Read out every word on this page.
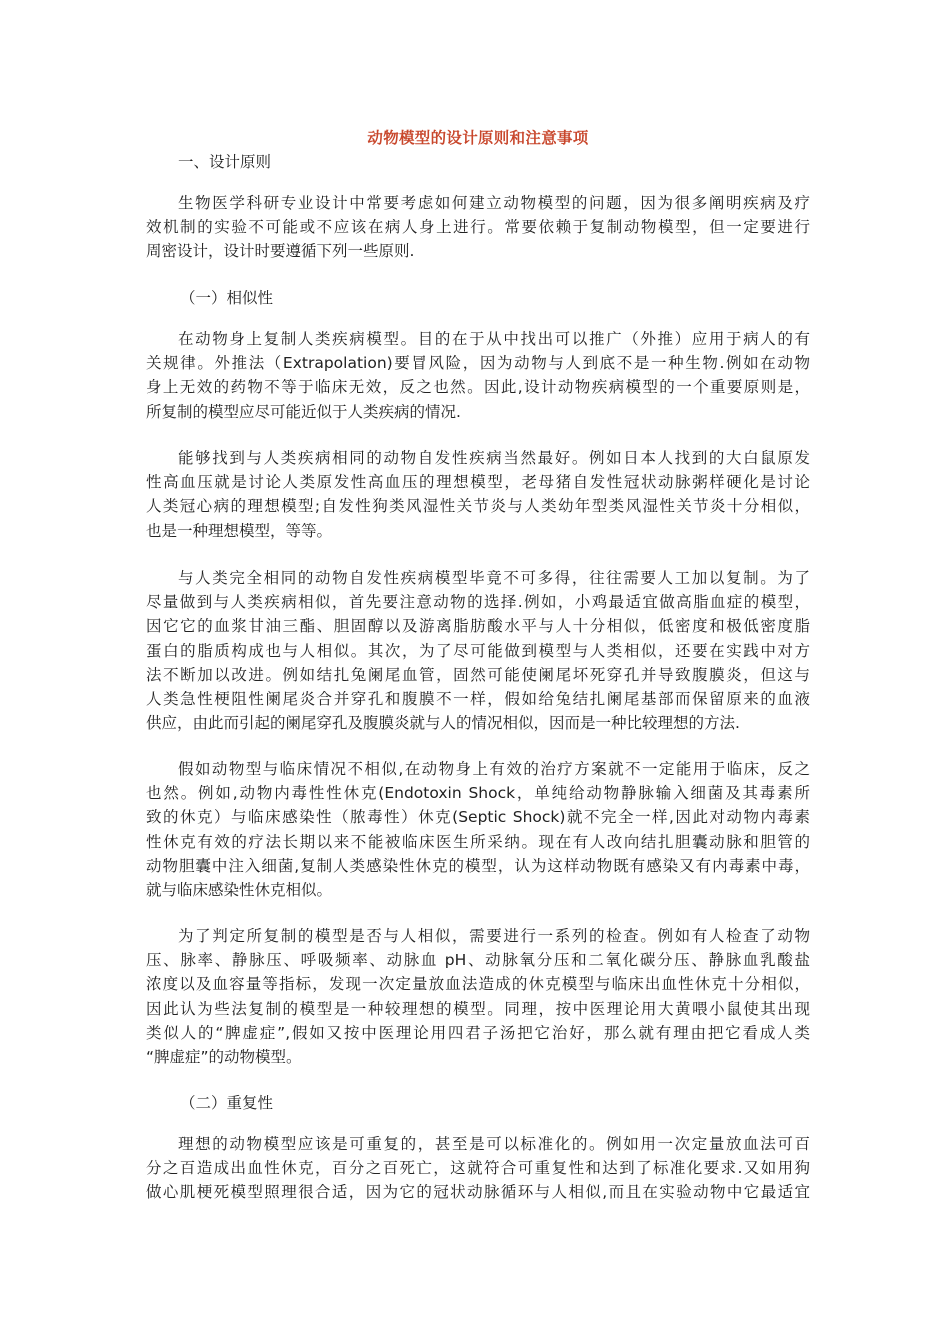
动物模型的设计原则和注意事项
一、设计原则
生物医学科研专业设计中常要考虑如何建立动物模型的问题，因为很多阐明疾病及疗
效机制的实验不可能或不应该在病人身上进行。常要依赖于复制动物模型，但一定要进行
周密设计，设计时要遵循下列一些原则.
（一）相似性
在动物身上复制人类疾病模型。目的在于从中找出可以推广（外推）应用于病人的有
关规律。外推法（Extrapolation)要冒风险，因为动物与人到底不是一种生物.例如在动物
身上无效的药物不等于临床无效，反之也然。因此,设计动物疾病模型的一个重要原则是，
所复制的模型应尽可能近似于人类疾病的情况.
能够找到与人类疾病相同的动物自发性疾病当然最好。例如日本人找到的大白鼠原发
性高血压就是讨论人类原发性高血压的理想模型，老母猪自发性冠状动脉粥样硬化是讨论
人类冠心病的理想模型;自发性狗类风湿性关节炎与人类幼年型类风湿性关节炎十分相似，
也是一种理想模型，等等。
与人类完全相同的动物自发性疾病模型毕竟不可多得，往往需要人工加以复制。为了
尽量做到与人类疾病相似，首先要注意动物的选择.例如，小鸡最适宜做高脂血症的模型，
因它它的血浆甘油三酯、胆固醇以及游离脂肪酸水平与人十分相似，低密度和极低密度脂
蛋白的脂质构成也与人相似。其次，为了尽可能做到模型与人类相似，还要在实践中对方
法不断加以改进。例如结扎兔阑尾血管，固然可能使阑尾坏死穿孔并导致腹膜炎，但这与
人类急性梗阻性阑尾炎合并穿孔和腹膜不一样，假如给兔结扎阑尾基部而保留原来的血液
供应，由此而引起的阑尾穿孔及腹膜炎就与人的情况相似，因而是一种比较理想的方法.
假如动物型与临床情况不相似,在动物身上有效的治疗方案就不一定能用于临床，反之
也然。例如,动物内毒性性休克(Endotoxin Shock，单纯给动物静脉输入细菌及其毒素所
致的休克）与临床感染性（脓毒性）休克(Septic Shock)就不完全一样,因此对动物内毒素
性休克有效的疗法长期以来不能被临床医生所采纳。现在有人改向结扎胆囊动脉和胆管的
动物胆囊中注入细菌,复制人类感染性休克的模型，认为这样动物既有感染又有内毒素中毒，
就与临床感染性休克相似。
为了判定所复制的模型是否与人相似，需要进行一系列的检查。例如有人检查了动物
压、脉率、静脉压、呼吸频率、动脉血 pH、动脉氧分压和二氧化碳分压、静脉血乳酸盐
浓度以及血容量等指标，发现一次定量放血法造成的休克模型与临床出血性休克十分相似，
因此认为些法复制的模型是一种较理想的模型。同理，按中医理论用大黄喂小鼠使其出现
类似人的“脾虚症”,假如又按中医理论用四君子汤把它治好，那么就有理由把它看成人类
“脾虚症”的动物模型。
（二）重复性
理想的动物模型应该是可重复的，甚至是可以标准化的。例如用一次定量放血法可百
分之百造成出血性休克，百分之百死亡，这就符合可重复性和达到了标准化要求.又如用狗
做心肌梗死模型照理很合适，因为它的冠状动脉循环与人相似,而且在实验动物中它最适宜
